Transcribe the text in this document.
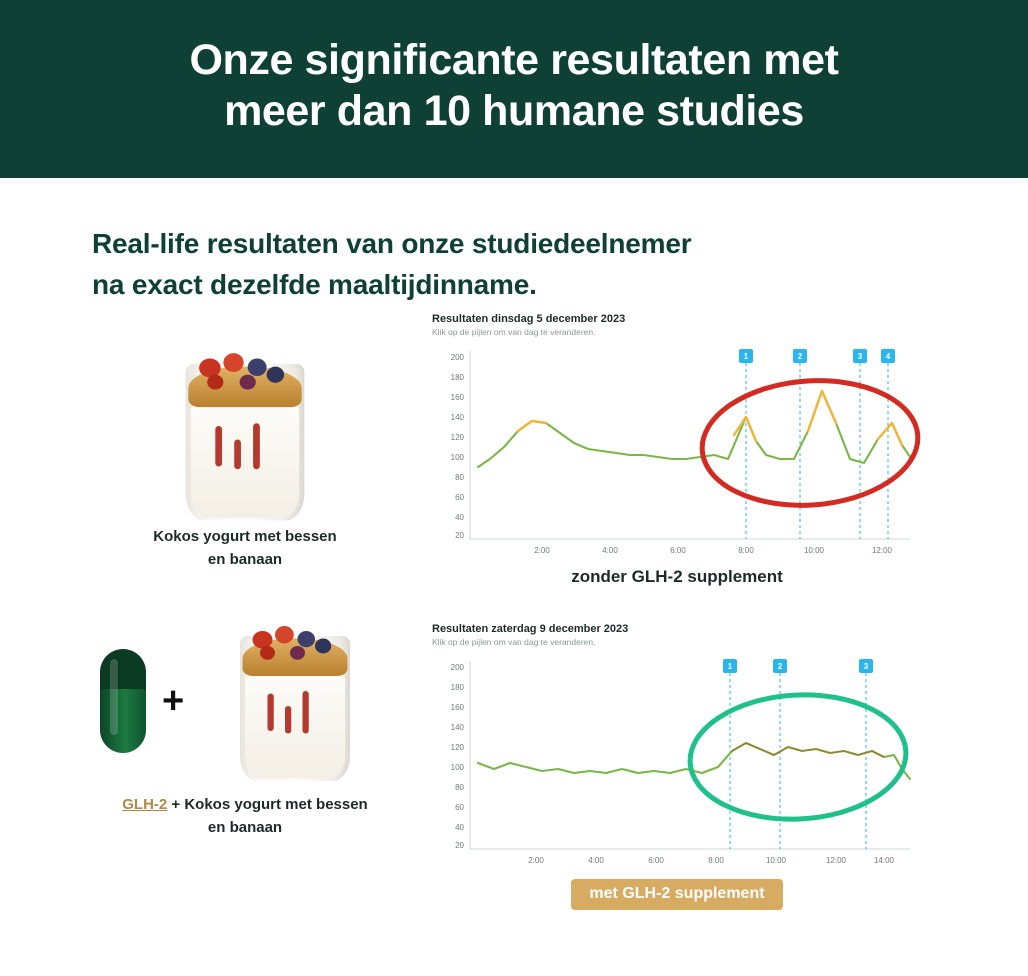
Onze significante resultaten met
meer dan 10 humane studies
Real-life resultaten van onze studiedeelnemer
na exact dezelfde maaltijdinname.
Kokos yogurt met bessen
en banaan
+
GLH-2 + Kokos yogurt met bessen
en banaan
Resultaten dinsdag 5 december 2023
Klik op de pijlen om van dag te veranderen.
200
180
160
140
120
100
80
60
40
20
2:00	4:00	6:00	8:00	10:00	12:00
1	2	3	4
zonder GLH-2 supplement
Resultaten zaterdag 9 december 2023
Klik op de pijlen om van dag te veranderen.
200
180
160
140
120
100
80
60
40
20
2:00	4:00	6:00	8:00	10:00	12:00	14:00
1	2	3
met GLH-2 supplement
